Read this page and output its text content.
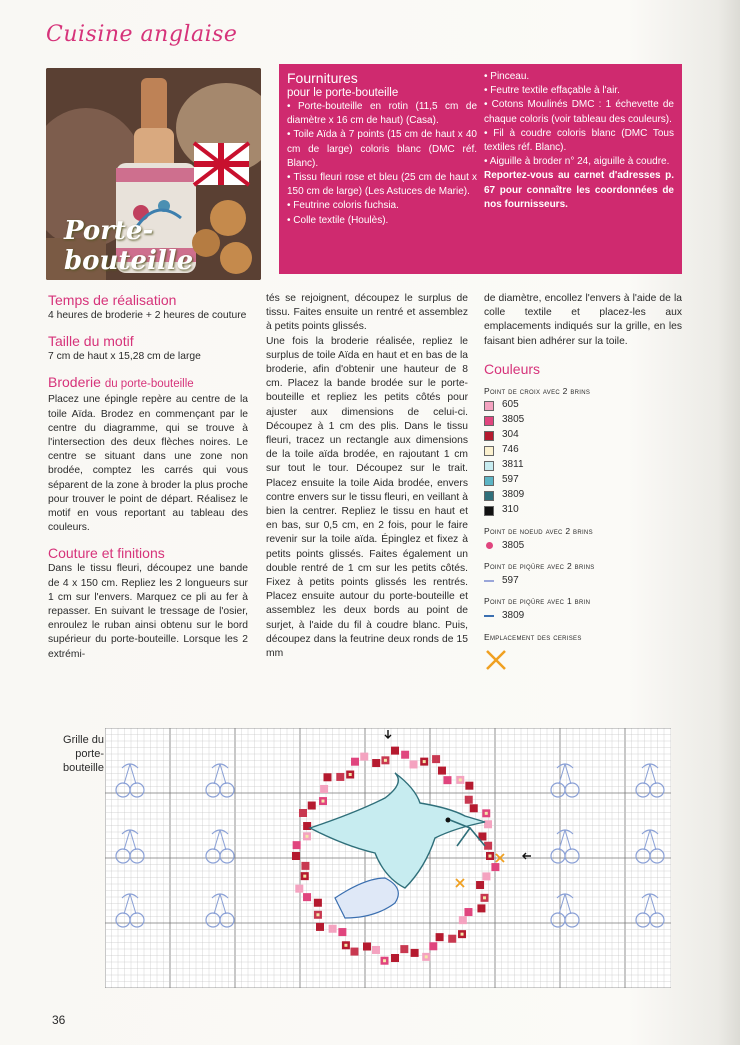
Cuisine anglaise
Porte-bouteille
Fournitures
pour le porte-bouteille

• Porte-bouteille en rotin (11,5 cm de diamètre x 16 cm de haut) (Casa).

• Toile Aïda à 7 points (15 cm de haut x 40 cm de large) coloris blanc (DMC réf. Blanc).

• Tissu fleuri rose et bleu (25 cm de haut x 150 cm de large) (Les Astuces de Marie).

• Feutrine coloris fuchsia.

• Colle textile (Houlès).

• Pinceau.

• Feutre textile effaçable à l'air.

• Cotons Moulinés DMC : 1 échevette de chaque coloris (voir tableau des couleurs).

• Fil à coudre coloris blanc (DMC Tous textiles réf. Blanc).

• Aiguille à broder n° 24, aiguille à coudre.

Reportez-vous au carnet d'adresses p. 67 pour connaître les coordonnées de nos fournisseurs.

Temps de réalisation

4 heures de broderie + 2 heures de couture

Taille du motif

7 cm de haut x 15,28 cm de large

Broderie du porte-bouteille

Placez une épingle repère au centre de la toile Aïda. Brodez en commençant par le centre du diagramme, qui se trouve à l'intersection des deux flèches noires. Le centre se situant dans une zone non brodée, comptez les carrés qui vous séparent de la zone à broder la plus proche pour trouver le point de départ. Réalisez le motif en vous reportant au tableau des couleurs.

Couture et finitions

Dans le tissu fleuri, découpez une bande de 4 x 150 cm. Repliez les 2 longueurs sur 1 cm sur l'envers. Marquez ce pli au fer à repasser. En suivant le tressage de l'osier, enroulez le ruban ainsi obtenu sur le bord supérieur du porte-bouteille. Lorsque les 2 extrémi-

tés se rejoignent, découpez le surplus de tissu. Faites ensuite un rentré et assemblez à petits points glissés.

Une fois la broderie réalisée, repliez le surplus de toile Aïda en haut et en bas de la broderie, afin d'obtenir une hauteur de 8 cm. Placez la bande brodée sur le porte-bouteille et repliez les petits côtés pour ajuster aux dimensions de celui-ci. Découpez à 1 cm des plis. Dans le tissu fleuri, tracez un rectangle aux dimensions de la toile aïda brodée, en rajoutant 1 cm sur tout le tour. Découpez sur le trait. Placez ensuite la toile Aida brodée, envers contre envers sur le tissu fleuri, en veillant à bien la centrer. Repliez le tissu en haut et en bas, sur 0,5 cm, en 2 fois, pour le faire revenir sur la toile aïda. Épinglez et fixez à petits points glissés. Faites également un double rentré de 1 cm sur les petits côtés. Fixez à petits points glissés les rentrés. Placez ensuite autour du porte-bouteille et assemblez les deux bords au point de surjet, à l'aide du fil à coudre blanc. Puis, découpez dans la feutrine deux ronds de 15 mm

de diamètre, encollez l'envers à l'aide de la colle textile et placez-les aux emplacements indiqués sur la grille, en les faisant bien adhérer sur la toile.

Couleurs
Point de croix avec 2 brins
605
3805
304
746
3811
597
3809
310
Point de noeud avec 2 brins
3805
Point de piqûre avec 2 brins
597
Point de piqûre avec 1 brin
3809
Emplacement des cerises
Grille du porte-bouteille
36
